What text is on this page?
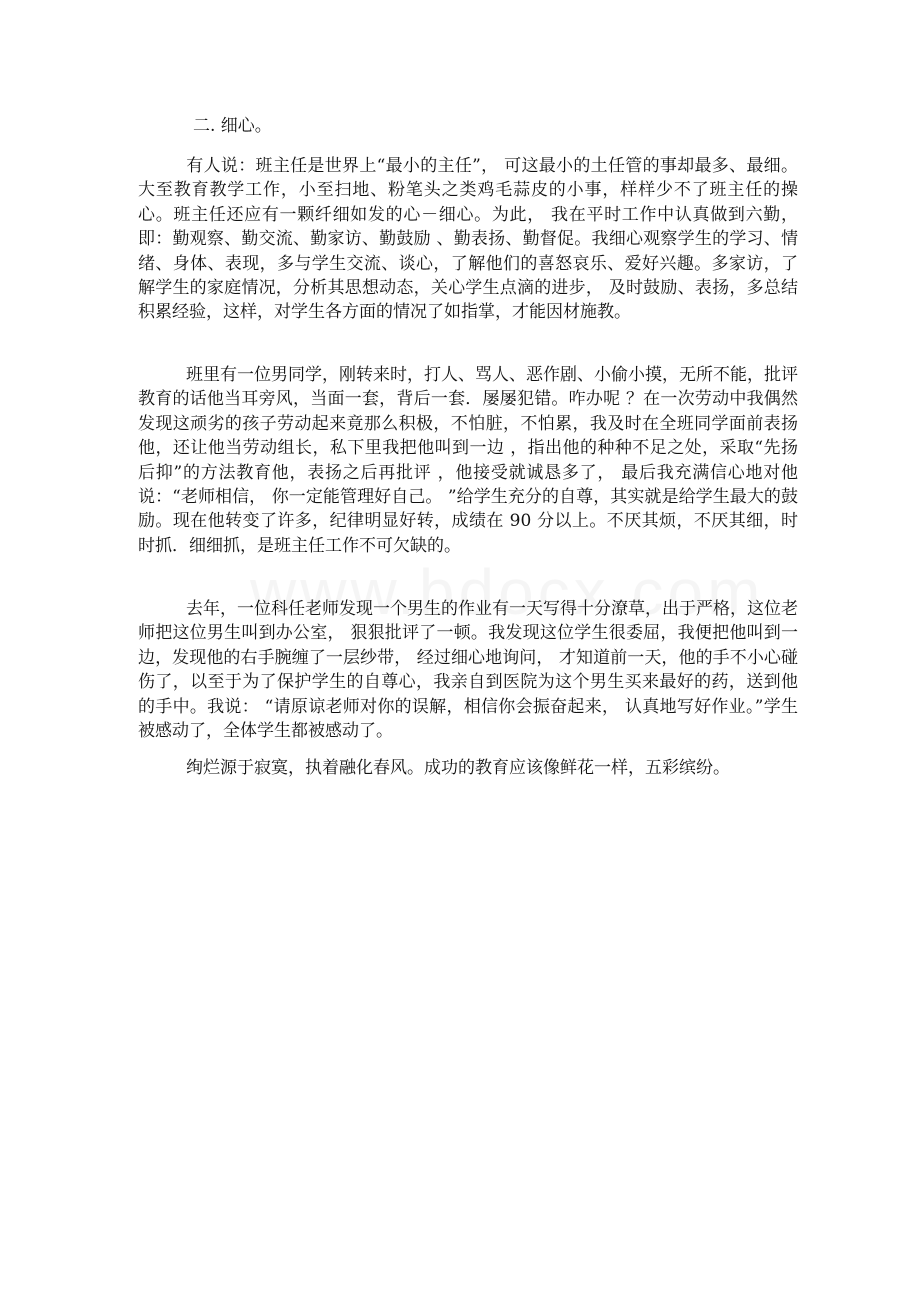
二. 细心。

有人说：班主任是世界上“最小的主任”， 可这最小的土任管的事却最多、最细。大至教育教学工作，小至扫地、粉笔头之类鸡毛蒜皮的小事，样样少不了班主任的操心。班主任还应有一颗纤细如发的心－细心。为此， 我在平时工作中认真做到六勤，即：勤观察、勤交流、勤家访、勤鼓励 、勤表扬、勤督促。我细心观察学生的学习、情绪、身体、表现，多与学生交流、谈心，了解他们的喜怒哀乐、爱好兴趣。多家访，了解学生的家庭情况，分析其思想动态，关心学生点滴的进步， 及时鼓励、表扬，多总结积累经验，这样，对学生各方面的情况了如指掌，才能因材施教。

班里有一位男同学，刚转来时，打人、骂人、恶作剧、小偷小摸，无所不能，批评教育的话他当耳旁风，当面一套，背后一套．屡屡犯错。咋办呢 ？在一次劳动中我偶然发现这顽劣的孩子劳动起来竟那么积极，不怕脏，不怕累，我及时在全班同学面前表扬他，还让他当劳动组长，私下里我把他叫到一边 ，指出他的种种不足之处，采取“先扬后抑”的方法教育他，表扬之后再批评 ，他接受就诚恳多了， 最后我充满信心地对他说：“老师相信， 你一定能管理好自己。 ”给学生充分的自尊，其实就是给学生最大的鼓励。现在他转变了许多，纪律明显好转，成绩在 90 分以上。不厌其烦，不厌其细，时时抓．细细抓，是班主任工作不可欠缺的。

去年，一位科任老师发现一个男生的作业有一天写得十分潦草，出于严格，这位老师把这位男生叫到办公室， 狠狠批评了一顿。我发现这位学生很委屈，我便把他叫到一边，发现他的右手腕缠了一层纱带， 经过细心地询问， 才知道前一天，他的手不小心碰伤了，以至于为了保护学生的自尊心，我亲自到医院为这个男生买来最好的药，送到他的手中。我说： “请原谅老师对你的误解，相信你会振奋起来， 认真地写好作业。”学生被感动了，全体学生都被感动了。

绚烂源于寂寞，执着融化春风。成功的教育应该像鲜花一样，五彩缤纷。
